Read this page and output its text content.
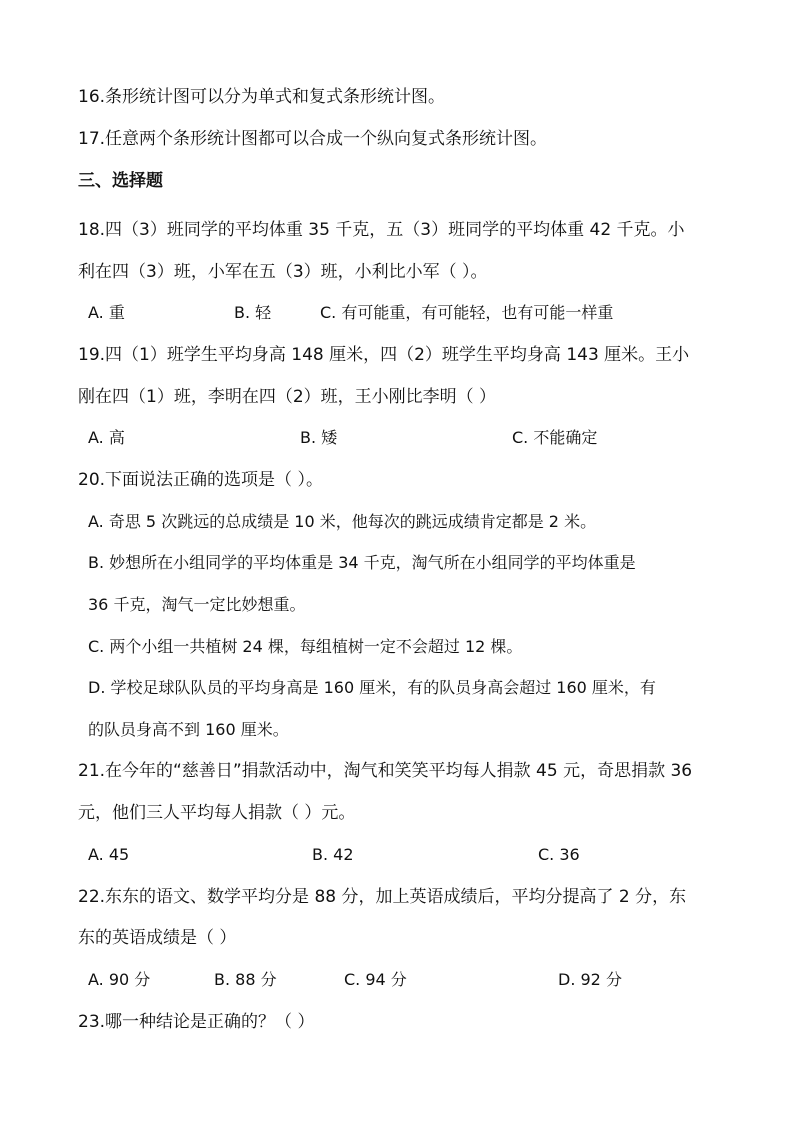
16.条形统计图可以分为单式和复式条形统计图。
17.任意两个条形统计图都可以合成一个纵向复式条形统计图。
三、选择题
18.四（3）班同学的平均体重 35 千克，五（3）班同学的平均体重 42 千克。小
利在四（3）班，小军在五（3）班，小利比小军（ ）。
A. 重	B. 轻	C. 有可能重，有可能轻，也有可能一样重
19.四（1）班学生平均身高 148 厘米，四（2）班学生平均身高 143 厘米。王小
刚在四（1）班，李明在四（2）班，王小刚比李明（ ）
A. 高	B. 矮	C. 不能确定
20.下面说法正确的选项是（ ）。
A. 奇思 5 次跳远的总成绩是 10 米，他每次的跳远成绩肯定都是 2 米。
B. 妙想所在小组同学的平均体重是 34 千克，淘气所在小组同学的平均体重是
36 千克，淘气一定比妙想重。
C. 两个小组一共植树 24 棵，每组植树一定不会超过 12 棵。
D. 学校足球队队员的平均身高是 160 厘米，有的队员身高会超过 160 厘米，有
的队员身高不到 160 厘米。
21.在今年的“慈善日”捐款活动中，淘气和笑笑平均每人捐款 45 元，奇思捐款 36
元，他们三人平均每人捐款（ ）元。
A. 45	B. 42	C. 36
22.东东的语文、数学平均分是 88 分，加上英语成绩后，平均分提高了 2 分，东
东的英语成绩是（ ）
A. 90 分	B. 88 分	C. 94 分	D. 92 分
23.哪一种结论是正确的？（ ）
